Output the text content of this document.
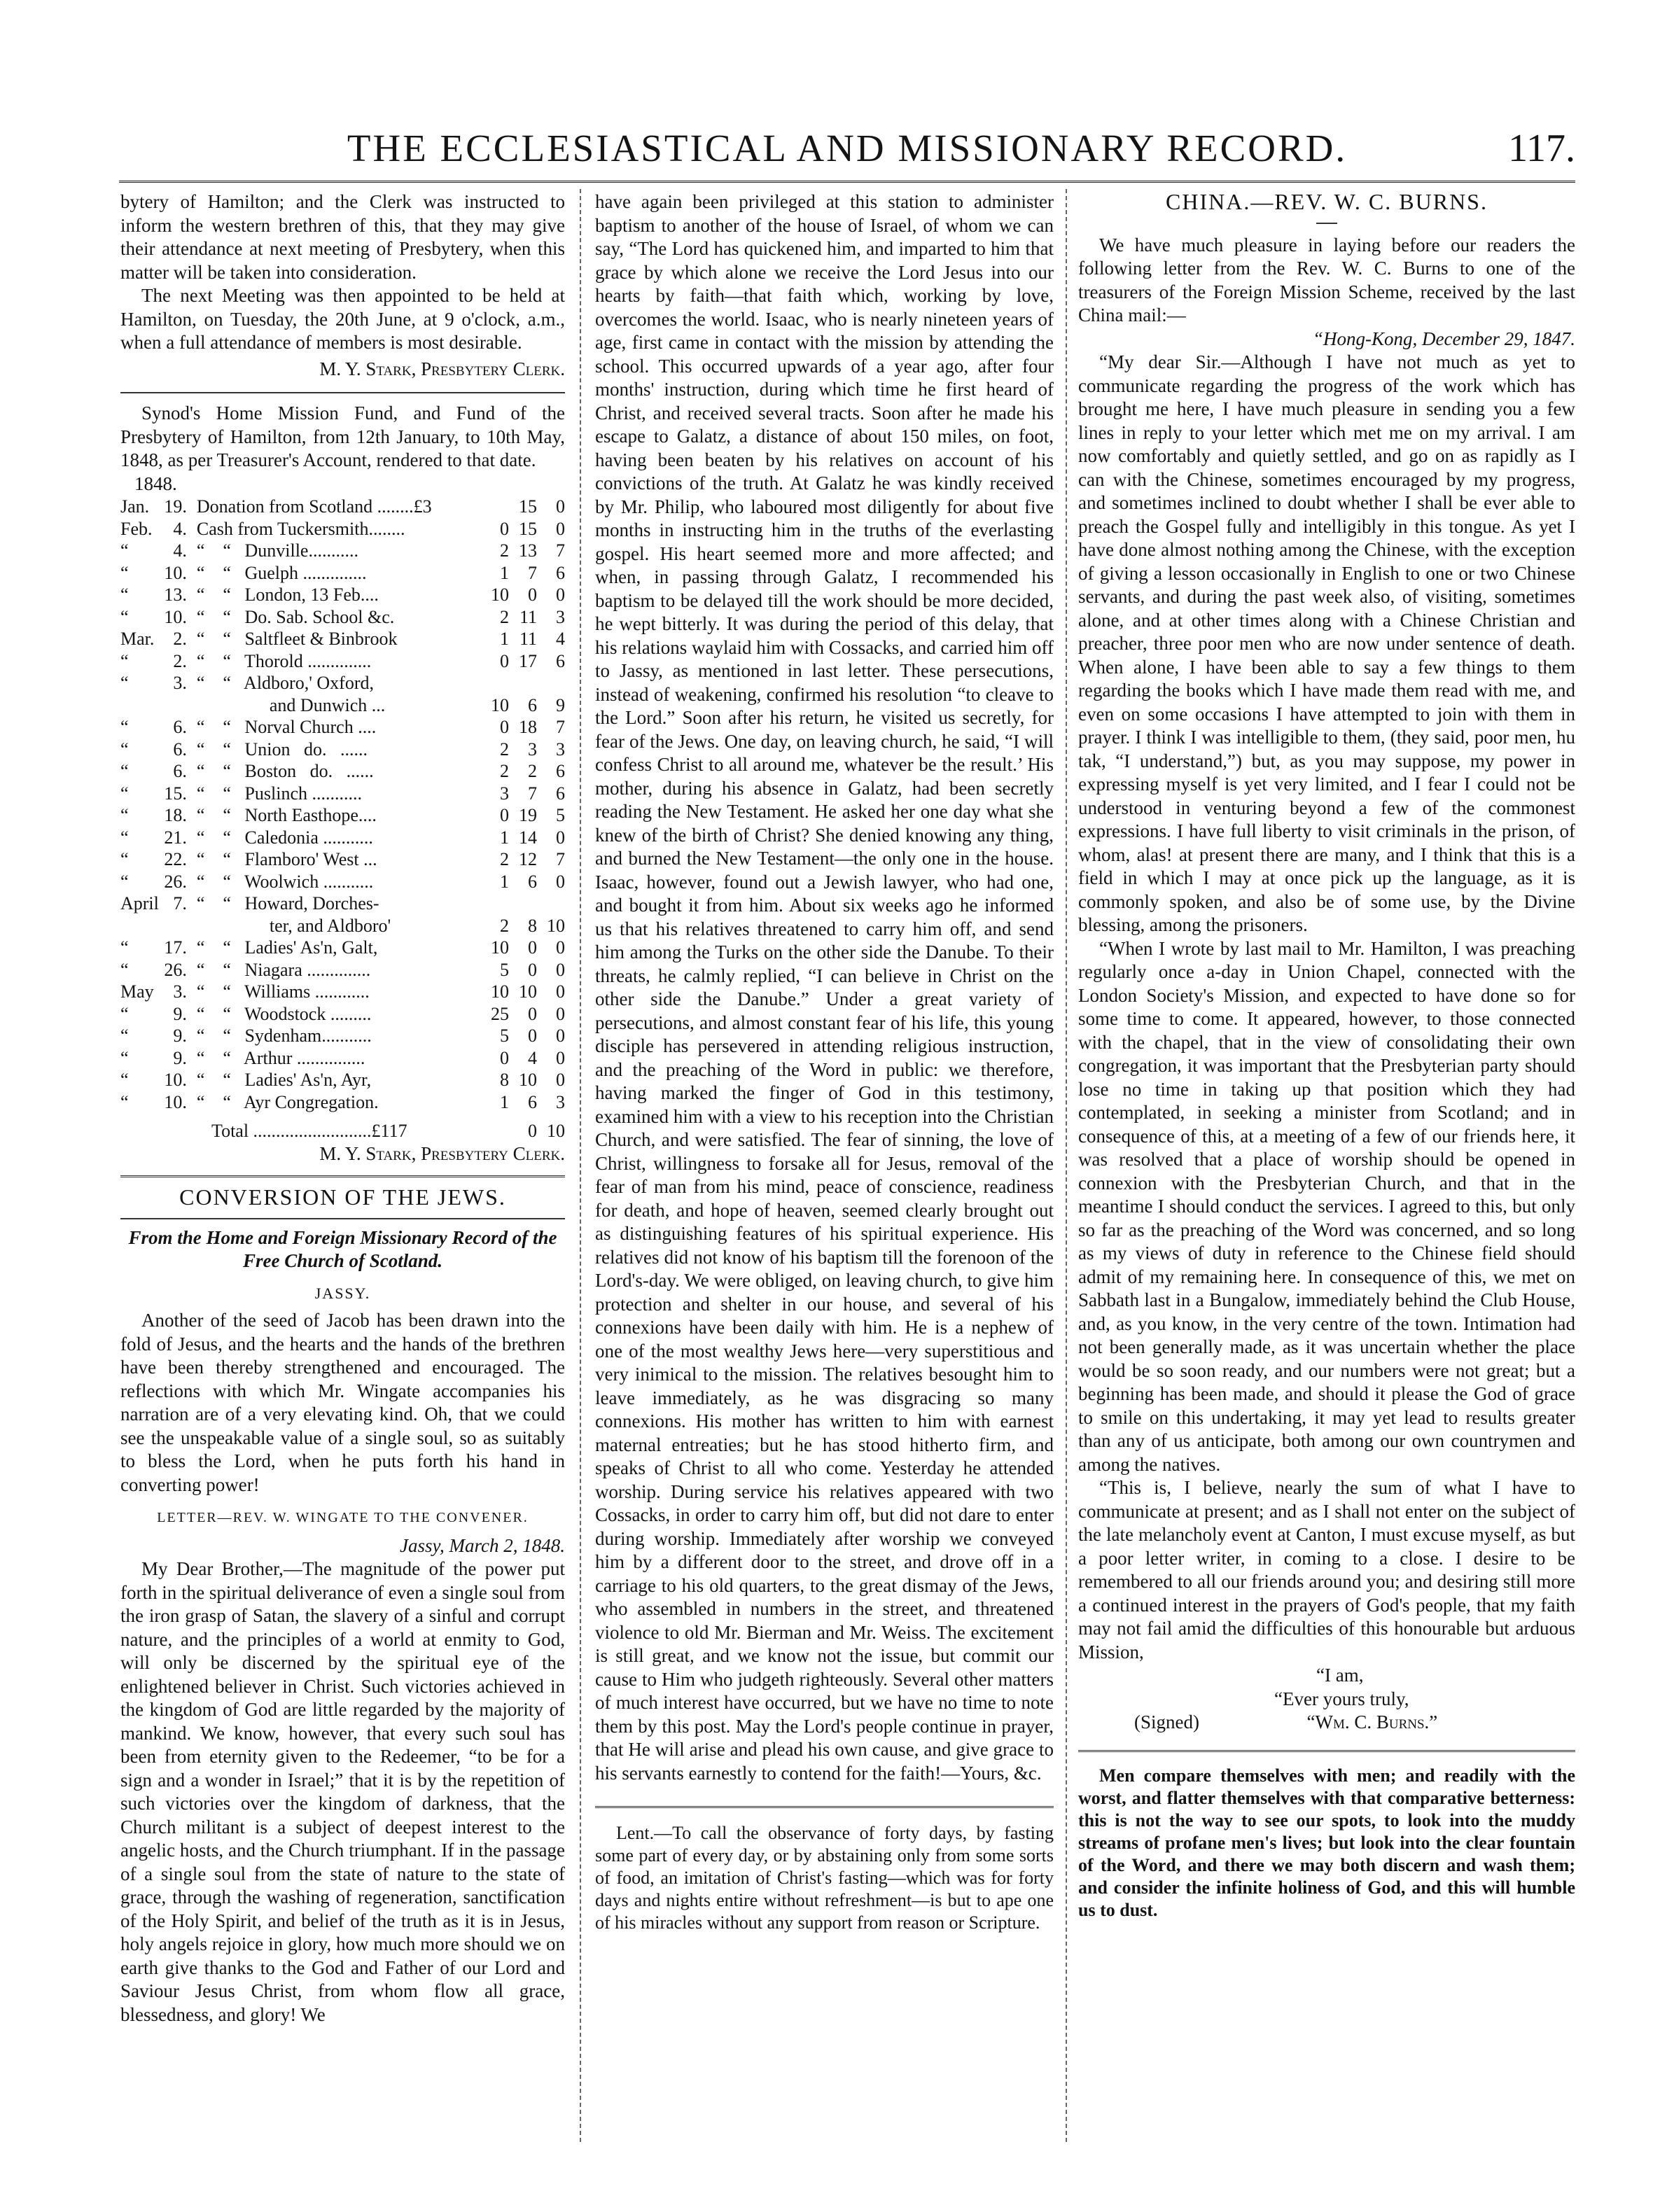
THE ECCLESIASTICAL AND MISSIONARY RECORD.	117.

bytery of Hamilton; and the Clerk was instructed to inform the western brethren of this, that they may give their attendance at next meeting of Presbytery, when this matter will be taken into consideration.

The next Meeting was then appointed to be held at Hamilton, on Tuesday, the 20th June, at 9 o'clock, a.m., when a full attendance of members is most desirable.

M. Y. Stark, Presbytery Clerk.

Synod's Home Mission Fund, and Fund of the Presbytery of Hamilton, from 12th January, to 10th May, 1848, as per Treasurer's Account, rendered to that date.

1848.

Jan.	19.	Donation from Scotland ........£3		15	0
Feb.	4.	Cash from Tuckersmith........	0	15	0
“	4.	“    “   Dunville...........	2	13	7
“	10.	“    “   Guelph ..............	1	7	6
“	13.	“    “   London, 13 Feb....	10	0	0
“	10.	“    “   Do. Sab. School &c.	2	11	3
Mar.	2.	“    “   Saltfleet & Binbrook	1	11	4
“	2.	“    “   Thorold ..............	0	17	6
“	3.	“    “   Aldboro,' Oxford,			
		and Dunwich ...	10	6	9
“	6.	“    “   Norval Church ....	0	18	7
“	6.	“    “   Union   do.   ......	2	3	3
“	6.	“    “   Boston   do.   ......	2	2	6
“	15.	“    “   Puslinch ...........	3	7	6
“	18.	“    “   North Easthope....	0	19	5
“	21.	“    “   Caledonia ...........	1	14	0
“	22.	“    “   Flamboro' West ...	2	12	7
“	26.	“    “   Woolwich ...........	1	6	0
April	7.	“    “   Howard, Dorches-			
		ter, and Aldboro'	2	8	10
“	17.	“    “   Ladies' As'n, Galt,	10	0	0
“	26.	“    “   Niagara ..............	5	0	0
May	3.	“    “   Williams ............	10	10	0
“	9.	“    “   Woodstock .........	25	0	0
“	9.	“    “   Sydenham...........	5	0	0
“	9.	“    “   Arthur ...............	0	4	0
“	10.	“    “   Ladies' As'n, Ayr,	8	10	0
“	10.	“    “   Ayr Congregation.	1	6	3
Total ..........................£117	0	10

M. Y. Stark, Presbytery Clerk.

CONVERSION OF THE JEWS.

From the Home and Foreign Missionary Record of the Free Church of Scotland.

JASSY.

Another of the seed of Jacob has been drawn into the fold of Jesus, and the hearts and the hands of the brethren have been thereby strengthened and encouraged. The reflections with which Mr. Wingate accompanies his narration are of a very elevating kind. Oh, that we could see the unspeakable value of a single soul, so as suitably to bless the Lord, when he puts forth his hand in converting power!

LETTER—REV. W. WINGATE TO THE CONVENER.

Jassy, March 2, 1848.

My Dear Brother,—The magnitude of the power put forth in the spiritual deliverance of even a single soul from the iron grasp of Satan, the slavery of a sinful and corrupt nature, and the principles of a world at enmity to God, will only be discerned by the spiritual eye of the enlightened believer in Christ. Such victories achieved in the kingdom of God are little regarded by the majority of mankind. We know, however, that every such soul has been from eternity given to the Redeemer, “to be for a sign and a wonder in Israel;” that it is by the repetition of such victories over the kingdom of darkness, that the Church militant is a subject of deepest interest to the angelic hosts, and the Church triumphant. If in the passage of a single soul from the state of nature to the state of grace, through the washing of regeneration, sanctification of the Holy Spirit, and belief of the truth as it is in Jesus, holy angels rejoice in glory, how much more should we on earth give thanks to the God and Father of our Lord and Saviour Jesus Christ, from whom flow all grace, blessedness, and glory! We

have again been privileged at this station to administer baptism to another of the house of Israel, of whom we can say, “The Lord has quickened him, and imparted to him that grace by which alone we receive the Lord Jesus into our hearts by faith—that faith which, working by love, overcomes the world. Isaac, who is nearly nineteen years of age, first came in contact with the mission by attending the school. This occurred upwards of a year ago, after four months' instruction, during which time he first heard of Christ, and received several tracts. Soon after he made his escape to Galatz, a distance of about 150 miles, on foot, having been beaten by his relatives on account of his convictions of the truth. At Galatz he was kindly received by Mr. Philip, who laboured most diligently for about five months in instructing him in the truths of the everlasting gospel. His heart seemed more and more affected; and when, in passing through Galatz, I recommended his baptism to be delayed till the work should be more decided, he wept bitterly. It was during the period of this delay, that his relations waylaid him with Cossacks, and carried him off to Jassy, as mentioned in last letter. These persecutions, instead of weakening, confirmed his resolution “to cleave to the Lord.” Soon after his return, he visited us secretly, for fear of the Jews. One day, on leaving church, he said, “I will confess Christ to all around me, whatever be the result.’ His mother, during his absence in Galatz, had been secretly reading the New Testament. He asked her one day what she knew of the birth of Christ? She denied knowing any thing, and burned the New Testament—the only one in the house. Isaac, however, found out a Jewish lawyer, who had one, and bought it from him. About six weeks ago he informed us that his relatives threatened to carry him off, and send him among the Turks on the other side the Danube. To their threats, he calmly replied, “I can believe in Christ on the other side the Danube.” Under a great variety of persecutions, and almost constant fear of his life, this young disciple has persevered in attending religious instruction, and the preaching of the Word in public: we therefore, having marked the finger of God in this testimony, examined him with a view to his reception into the Christian Church, and were satisfied. The fear of sinning, the love of Christ, willingness to forsake all for Jesus, removal of the fear of man from his mind, peace of conscience, readiness for death, and hope of heaven, seemed clearly brought out as distinguishing features of his spiritual experience. His relatives did not know of his baptism till the forenoon of the Lord's-day. We were obliged, on leaving church, to give him protection and shelter in our house, and several of his connexions have been daily with him. He is a nephew of one of the most wealthy Jews here—very superstitious and very inimical to the mission. The relatives besought him to leave immediately, as he was disgracing so many connexions. His mother has written to him with earnest maternal entreaties; but he has stood hitherto firm, and speaks of Christ to all who come. Yesterday he attended worship. During service his relatives appeared with two Cossacks, in order to carry him off, but did not dare to enter during worship. Immediately after worship we conveyed him by a different door to the street, and drove off in a carriage to his old quarters, to the great dismay of the Jews, who assembled in numbers in the street, and threatened violence to old Mr. Bierman and Mr. Weiss. The excitement is still great, and we know not the issue, but commit our cause to Him who judgeth righteously. Several other matters of much interest have occurred, but we have no time to note them by this post. May the Lord's people continue in prayer, that He will arise and plead his own cause, and give grace to his servants earnestly to contend for the faith!—Yours, &c.

Lent.—To call the observance of forty days, by fasting some part of every day, or by abstaining only from some sorts of food, an imitation of Christ's fasting—which was for forty days and nights entire without refreshment—is but to ape one of his miracles without any support from reason or Scripture.

CHINA.—REV. W. C. BURNS.

We have much pleasure in laying before our readers the following letter from the Rev. W. C. Burns to one of the treasurers of the Foreign Mission Scheme, received by the last China mail:—

“Hong-Kong, December 29, 1847.

“My dear Sir.—Although I have not much as yet to communicate regarding the progress of the work which has brought me here, I have much pleasure in sending you a few lines in reply to your letter which met me on my arrival. I am now comfortably and quietly settled, and go on as rapidly as I can with the Chinese, sometimes encouraged by my progress, and sometimes inclined to doubt whether I shall be ever able to preach the Gospel fully and intelligibly in this tongue. As yet I have done almost nothing among the Chinese, with the exception of giving a lesson occasionally in English to one or two Chinese servants, and during the past week also, of visiting, sometimes alone, and at other times along with a Chinese Christian and preacher, three poor men who are now under sentence of death. When alone, I have been able to say a few things to them regarding the books which I have made them read with me, and even on some occasions I have attempted to join with them in prayer. I think I was intelligible to them, (they said, poor men, hu tak, “I understand,”) but, as you may suppose, my power in expressing myself is yet very limited, and I fear I could not be understood in venturing beyond a few of the commonest expressions. I have full liberty to visit criminals in the prison, of whom, alas! at present there are many, and I think that this is a field in which I may at once pick up the language, as it is commonly spoken, and also be of some use, by the Divine blessing, among the prisoners.

“When I wrote by last mail to Mr. Hamilton, I was preaching regularly once a-day in Union Chapel, connected with the London Society's Mission, and expected to have done so for some time to come. It appeared, however, to those connected with the chapel, that in the view of consolidating their own congregation, it was important that the Presbyterian party should lose no time in taking up that position which they had contemplated, in seeking a minister from Scotland; and in consequence of this, at a meeting of a few of our friends here, it was resolved that a place of worship should be opened in connexion with the Presbyterian Church, and that in the meantime I should conduct the services. I agreed to this, but only so far as the preaching of the Word was concerned, and so long as my views of duty in reference to the Chinese field should admit of my remaining here. In consequence of this, we met on Sabbath last in a Bungalow, immediately behind the Club House, and, as you know, in the very centre of the town. Intimation had not been generally made, as it was uncertain whether the place would be so soon ready, and our numbers were not great; but a beginning has been made, and should it please the God of grace to smile on this undertaking, it may yet lead to results greater than any of us anticipate, both among our own countrymen and among the natives.

“This is, I believe, nearly the sum of what I have to communicate at present; and as I shall not enter on the subject of the late melancholy event at Canton, I must excuse myself, as but a poor letter writer, in coming to a close. I desire to be remembered to all our friends around you; and desiring still more a continued interest in the prayers of God's people, that my faith may not fail amid the difficulties of this honourable but arduous Mission,

“I am,

“Ever yours truly,

(Signed)	“Wm. C. Burns.”

Men compare themselves with men; and readily with the worst, and flatter themselves with that comparative betterness: this is not the way to see our spots, to look into the muddy streams of profane men's lives; but look into the clear fountain of the Word, and there we may both discern and wash them; and consider the infinite holiness of God, and this will humble us to dust.
